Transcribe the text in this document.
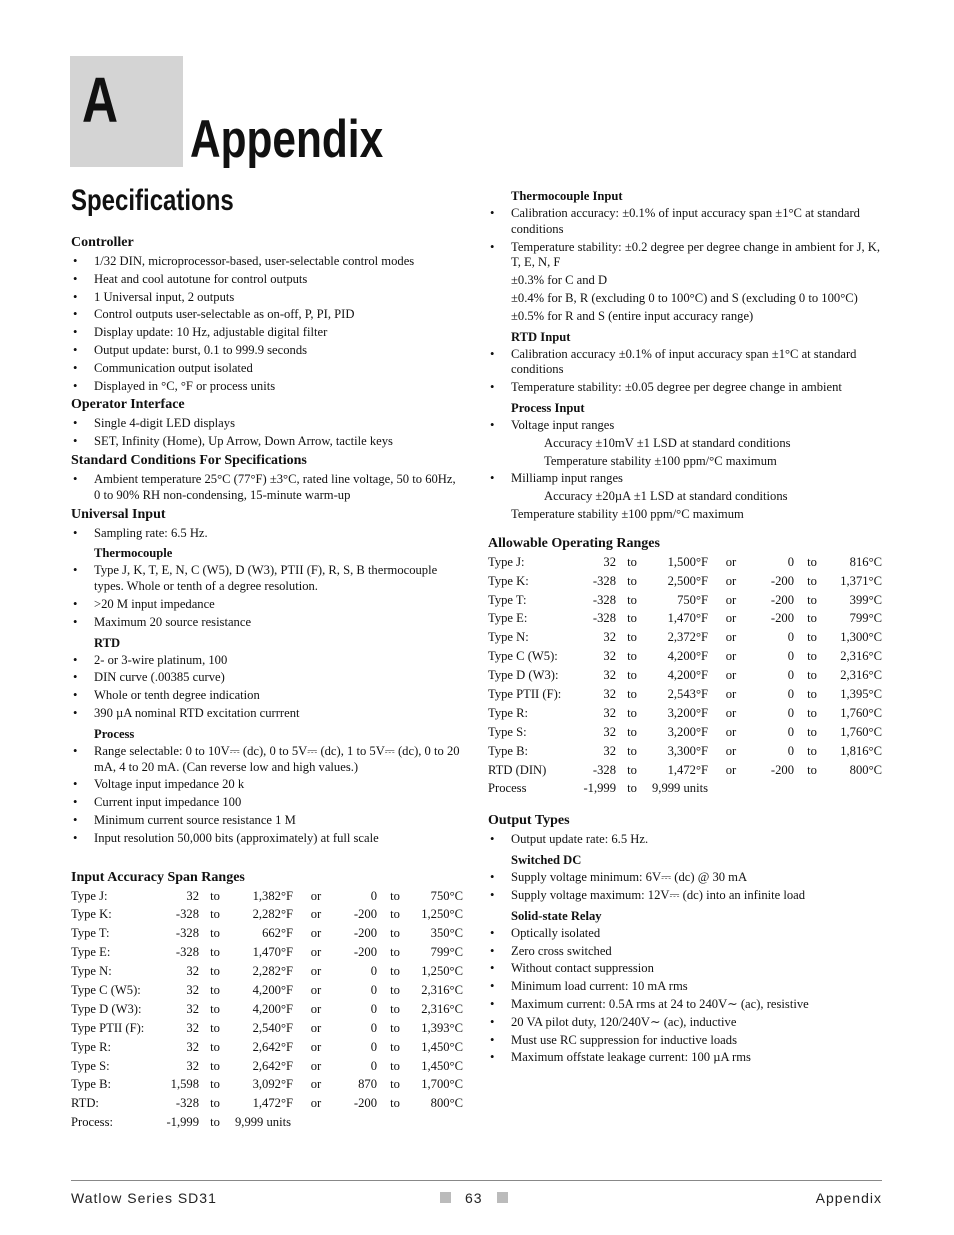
A
Appendix
Specifications
Controller
• 1/32 DIN, microprocessor-based, user-selectable control modes
• Heat and cool autotune for control outputs
• 1 Universal input, 2 outputs
• Control outputs user-selectable as on-off, P, PI, PID
• Display update: 10 Hz, adjustable digital filter
• Output update: burst, 0.1 to 999.9 seconds
• Communication output isolated
• Displayed in °C, °F or process units
Operator Interface
• Single 4-digit LED displays
• SET, Infinity (Home), Up Arrow, Down Arrow, tactile keys
Standard Conditions For Specifications
• Ambient temperature 25°C (77°F) ±3°C, rated line voltage, 50 to 60Hz, 0 to 90% RH non-condensing, 15-minute warm-up
Universal Input
• Sampling rate: 6.5 Hz.
Thermocouple
• Type J, K, T, E, N, C (W5), D (W3), PTII (F), R, S, B thermocouple types. Whole or tenth of a degree resolution.
• >20 M input impedance
• Maximum 20 source resistance
RTD
• 2- or 3-wire platinum, 100
• DIN curve (.00385 curve)
• Whole or tenth degree indication
• 390 µA nominal RTD excitation currrent
Process
• Range selectable: 0 to 10V⎓ (dc), 0 to 5V⎓ (dc), 1 to 5V⎓ (dc), 0 to 20 mA, 4 to 20 mA. (Can reverse low and high values.)
• Voltage input impedance 20 k
• Current input impedance 100
• Minimum current source resistance 1 M
• Input resolution 50,000 bits (approximately) at full scale
Input Accuracy Span Ranges
Type J:	32	to	1,382°F	or	0	to	750°C
Type K:	-328	to	2,282°F	or	-200	to	1,250°C
Type T:	-328	to	662°F	or	-200	to	350°C
Type E:	-328	to	1,470°F	or	-200	to	799°C
Type N:	32	to	2,282°F	or	0	to	1,250°C
Type C (W5):	32	to	4,200°F	or	0	to	2,316°C
Type D (W3):	32	to	4,200°F	or	0	to	2,316°C
Type PTII (F):	32	to	2,540°F	or	0	to	1,393°C
Type R:	32	to	2,642°F	or	0	to	1,450°C
Type S:	32	to	2,642°F	or	0	to	1,450°C
Type B:	1,598	to	3,092°F	or	870	to	1,700°C
RTD:	-328	to	1,472°F	or	-200	to	800°C
Process:	-1,999	to	9,999 units				
Thermocouple Input
• Calibration accuracy: ±0.1% of input accuracy span ±1°C at standard conditions
• Temperature stability: ±0.2 degree per degree change in ambient for J, K, T, E, N, F
±0.3% for C and D
±0.4% for B, R (excluding 0 to 100°C) and S (excluding 0 to 100°C)
±0.5% for R and S (entire input accuracy range)
RTD Input
• Calibration accuracy ±0.1% of input accuracy span ±1°C at standard conditions
• Temperature stability: ±0.05 degree per degree change in ambient
Process Input
• Voltage input ranges
Accuracy ±10mV ±1 LSD at standard conditions
Temperature stability ±100 ppm/°C maximum
• Milliamp input ranges
Accuracy ±20µA ±1 LSD at standard conditions
Temperature stability ±100 ppm/°C maximum
Allowable Operating Ranges
Type J:	32	to	1,500°F	or	0	to	816°C
Type K:	-328	to	2,500°F	or	-200	to	1,371°C
Type T:	-328	to	750°F	or	-200	to	399°C
Type E:	-328	to	1,470°F	or	-200	to	799°C
Type N:	32	to	2,372°F	or	0	to	1,300°C
Type C (W5):	32	to	4,200°F	or	0	to	2,316°C
Type D (W3):	32	to	4,200°F	or	0	to	2,316°C
Type PTII (F):	32	to	2,543°F	or	0	to	1,395°C
Type R:	32	to	3,200°F	or	0	to	1,760°C
Type S:	32	to	3,200°F	or	0	to	1,760°C
Type B:	32	to	3,300°F	or	0	to	1,816°C
RTD (DIN)	-328	to	1,472°F	or	-200	to	800°C
Process	-1,999	to	9,999 units				
Output Types
• Output update rate: 6.5 Hz.
Switched DC
• Supply voltage minimum: 6V⎓ (dc) @ 30 mA
• Supply voltage maximum: 12V⎓ (dc) into an infinite load
Solid-state Relay
• Optically isolated
• Zero cross switched
• Without contact suppression
• Minimum load current: 10 mA rms
• Maximum current: 0.5A rms at 24 to 240V∼ (ac), resistive
• 20 VA pilot duty, 120/240V∼ (ac), inductive
• Must use RC suppression for inductive loads
• Maximum offstate leakage current: 100 µA rms
Watlow Series SD31	63	Appendix
